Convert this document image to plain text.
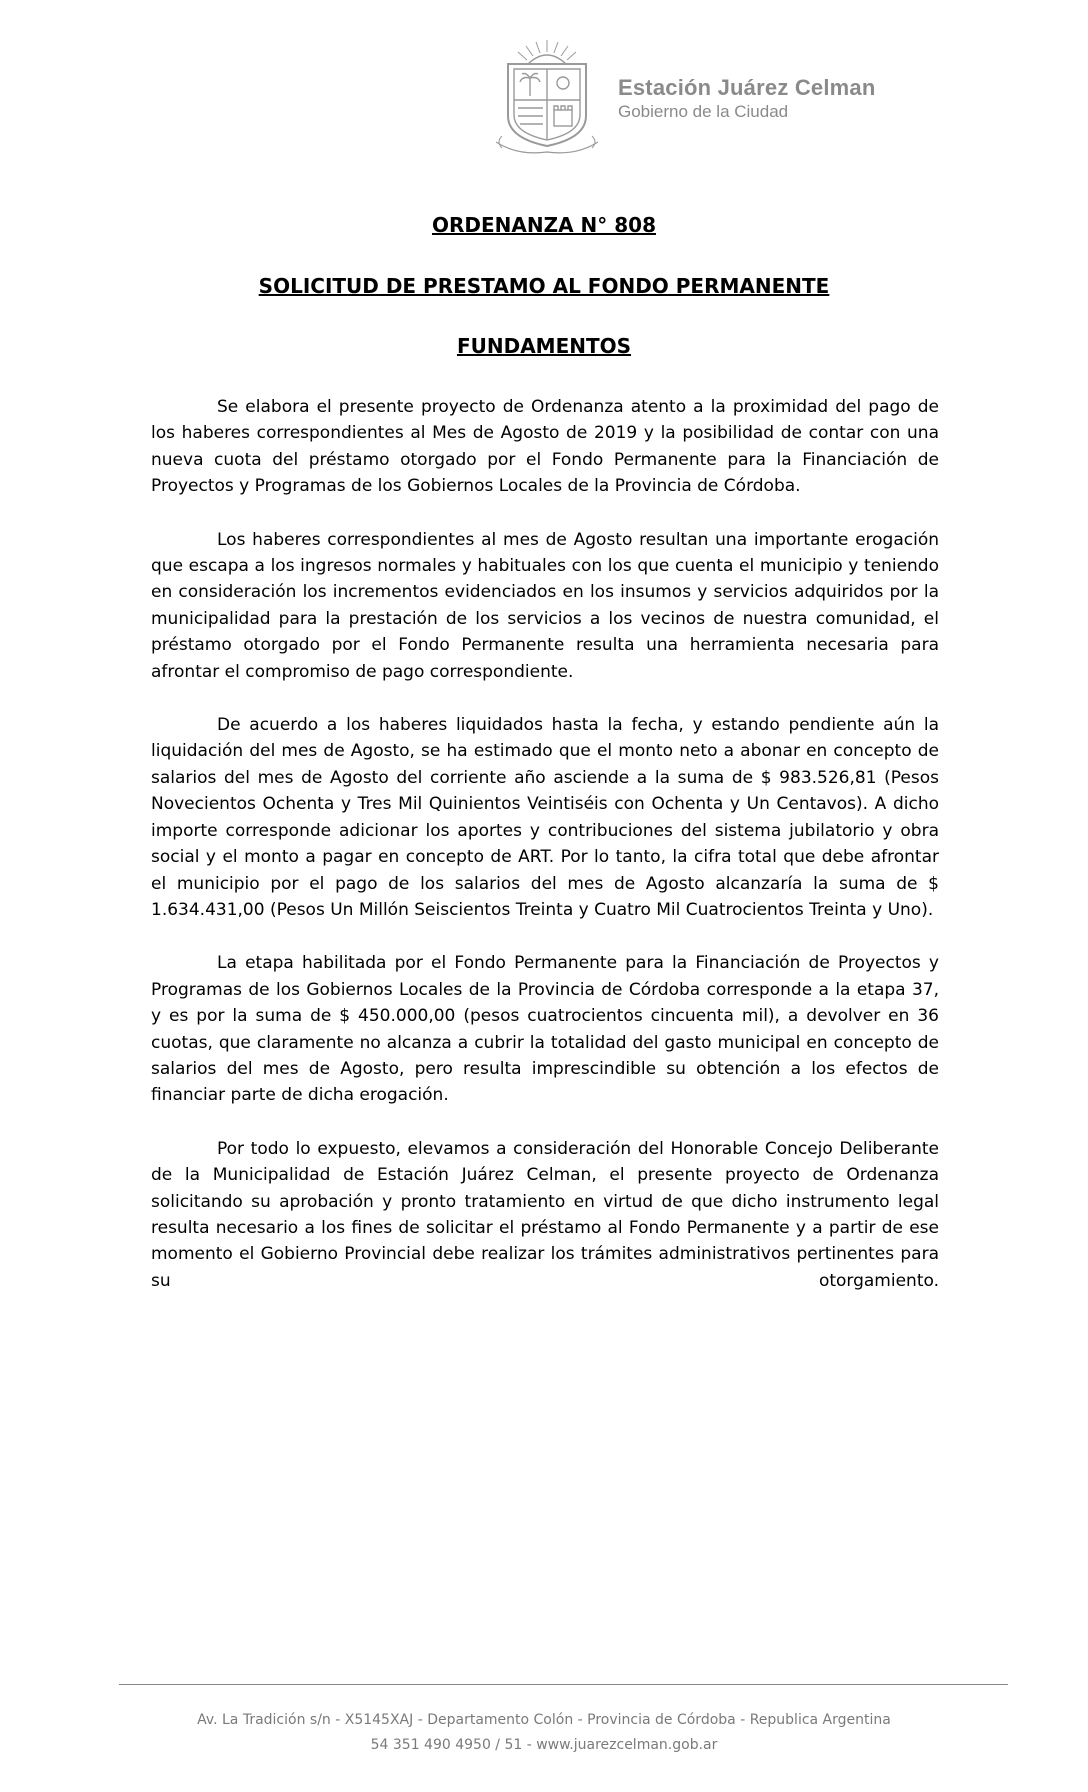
Estación Juárez Celman
Gobierno de la Ciudad
ORDENANZA N° 808
SOLICITUD DE PRESTAMO AL FONDO PERMANENTE
FUNDAMENTOS

Se elabora el presente proyecto de Ordenanza atento a la proximidad del pago de los haberes correspondientes al Mes de Agosto de 2019 y la posibilidad de contar con una nueva cuota del préstamo otorgado por el Fondo Permanente para la Financiación de Proyectos y Programas de los Gobiernos Locales de la Provincia de Córdoba.

Los haberes correspondientes al mes de Agosto resultan una importante erogación que escapa a los ingresos normales y habituales con los que cuenta el municipio y teniendo en consideración los incrementos evidenciados en los insumos y servicios adquiridos por la municipalidad para la prestación de los servicios a los vecinos de nuestra comunidad, el préstamo otorgado por el Fondo Permanente resulta una herramienta necesaria para afrontar el compromiso de pago correspondiente.

De acuerdo a los haberes liquidados hasta la fecha, y estando pendiente aún la liquidación del mes de Agosto, se ha estimado que el monto neto a abonar en concepto de salarios del mes de Agosto del corriente año asciende a la suma de $ 983.526,81 (Pesos Novecientos Ochenta y Tres Mil Quinientos Veintiséis con Ochenta y Un Centavos). A dicho importe corresponde adicionar los aportes y contribuciones del sistema jubilatorio y obra social y el monto a pagar en concepto de ART. Por lo tanto, la cifra total que debe afrontar el municipio por el pago de los salarios del mes de Agosto alcanzaría la suma de $ 1.634.431,00 (Pesos Un Millón Seiscientos Treinta y Cuatro Mil Cuatrocientos Treinta y Uno).

La etapa habilitada por el Fondo Permanente para la Financiación de Proyectos y Programas de los Gobiernos Locales de la Provincia de Córdoba corresponde a la etapa 37, y es por la suma de $ 450.000,00 (pesos cuatrocientos cincuenta mil), a devolver en 36 cuotas, que claramente no alcanza a cubrir la totalidad del gasto municipal en concepto de salarios del mes de Agosto, pero resulta imprescindible su obtención a los efectos de financiar parte de dicha erogación.

Por todo lo expuesto, elevamos a consideración del Honorable Concejo Deliberante de la Municipalidad de Estación Juárez Celman, el presente proyecto de Ordenanza solicitando su aprobación y pronto tratamiento en virtud de que dicho instrumento legal resulta necesario a los fines de solicitar el préstamo al Fondo Permanente y a partir de ese momento el Gobierno Provincial debe realizar los trámites administrativos pertinentes para su otorgamiento.

Av. La Tradición s/n - X5145XAJ - Departamento Colón - Provincia de Córdoba - Republica Argentina
54 351 490 4950 / 51 - www.juarezcelman.gob.ar
